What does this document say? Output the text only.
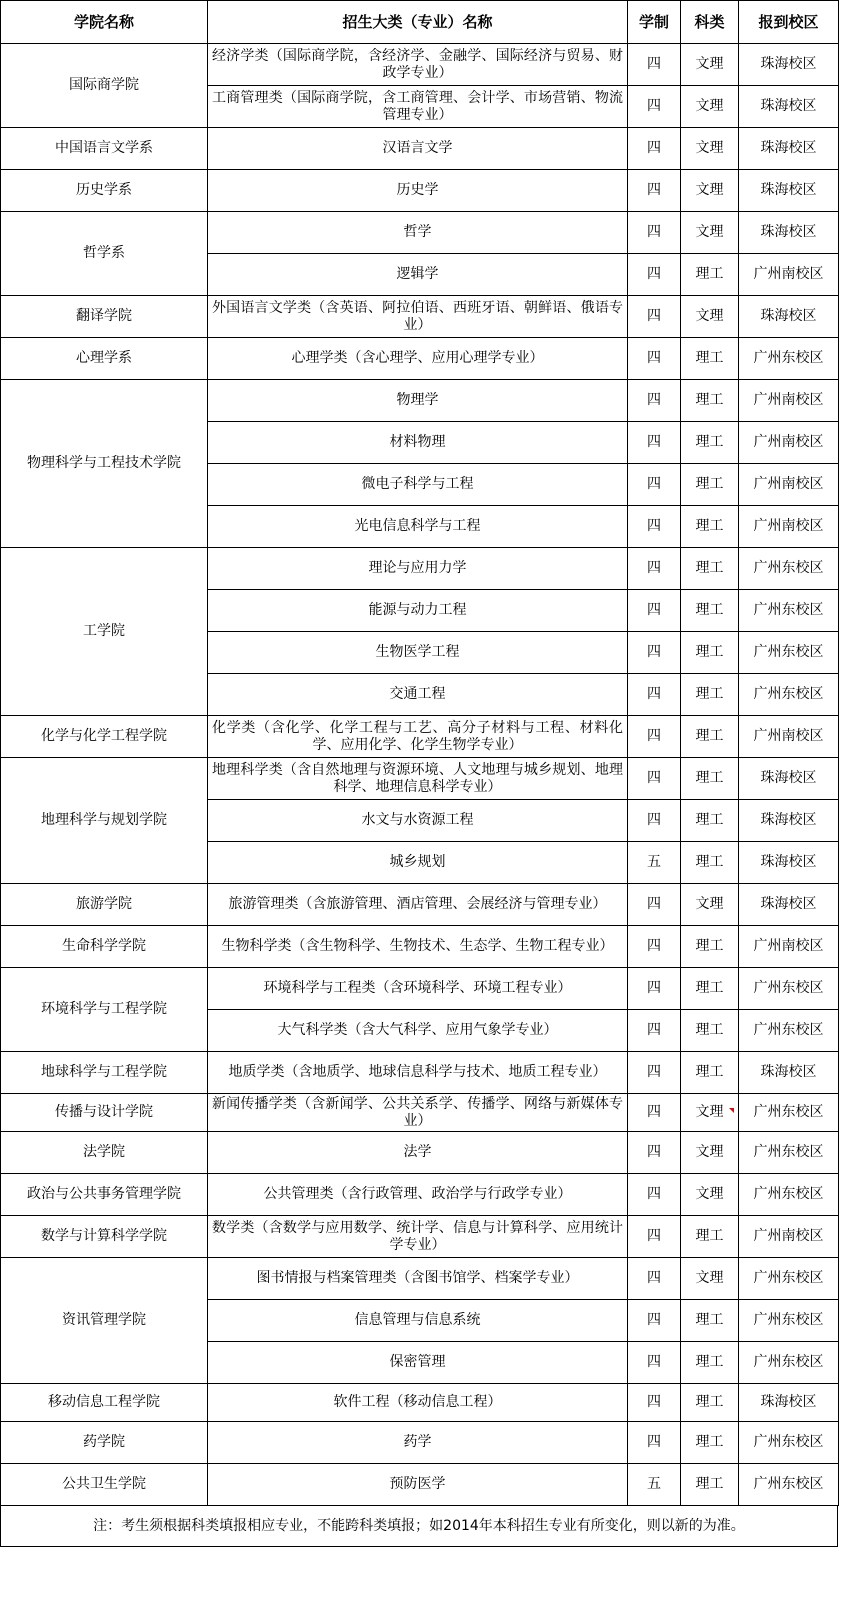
学院名称	招生大类（专业）名称	学制	科类	报到校区
国际商学院	经济学类（国际商学院，含经济学、金融学、国际经济与贸易、财政学专业）	四	文理	珠海校区
	工商管理类（国际商学院，含工商管理、会计学、市场营销、物流管理专业）	四	文理	珠海校区
中国语言文学系	汉语言文学	四	文理	珠海校区
历史学系	历史学	四	文理	珠海校区
哲学系	哲学	四	文理	珠海校区
	逻辑学	四	理工	广州南校区
翻译学院	外国语言文学类（含英语、阿拉伯语、西班牙语、朝鲜语、俄语专业）	四	文理	珠海校区
心理学系	心理学类（含心理学、应用心理学专业）	四	理工	广州东校区
物理科学与工程技术学院	物理学	四	理工	广州南校区
	材料物理	四	理工	广州南校区
	微电子科学与工程	四	理工	广州南校区
	光电信息科学与工程	四	理工	广州南校区
工学院	理论与应用力学	四	理工	广州东校区
	能源与动力工程	四	理工	广州东校区
	生物医学工程	四	理工	广州东校区
	交通工程	四	理工	广州东校区
化学与化学工程学院	化学类（含化学、化学工程与工艺、高分子材料与工程、材料化学、应用化学、化学生物学专业）	四	理工	广州南校区
地理科学与规划学院	地理科学类（含自然地理与资源环境、人文地理与城乡规划、地理科学、地理信息科学专业）	四	理工	珠海校区
	水文与水资源工程	四	理工	珠海校区
	城乡规划	五	理工	珠海校区
旅游学院	旅游管理类（含旅游管理、酒店管理、会展经济与管理专业）	四	文理	珠海校区
生命科学学院	生物科学类（含生物科学、生物技术、生态学、生物工程专业）	四	理工	广州南校区
环境科学与工程学院	环境科学与工程类（含环境科学、环境工程专业）	四	理工	广州东校区
	大气科学类（含大气科学、应用气象学专业）	四	理工	广州东校区
地球科学与工程学院	地质学类（含地质学、地球信息科学与技术、地质工程专业）	四	理工	珠海校区
传播与设计学院	新闻传播学类（含新闻学、公共关系学、传播学、网络与新媒体专业）	四	文理	广州东校区
法学院	法学	四	文理	广州东校区
政治与公共事务管理学院	公共管理类（含行政管理、政治学与行政学专业）	四	文理	广州东校区
数学与计算科学学院	数学类（含数学与应用数学、统计学、信息与计算科学、应用统计学专业）	四	理工	广州南校区
资讯管理学院	图书情报与档案管理类（含图书馆学、档案学专业）	四	文理	广州东校区
	信息管理与信息系统	四	理工	广州东校区
	保密管理	四	理工	广州东校区
移动信息工程学院	软件工程（移动信息工程）	四	理工	珠海校区
药学院	药学	四	理工	广州东校区
公共卫生学院	预防医学	五	理工	广州东校区
注：考生须根据科类填报相应专业，不能跨科类填报；如2014年本科招生专业有所变化，则以新的为准。
